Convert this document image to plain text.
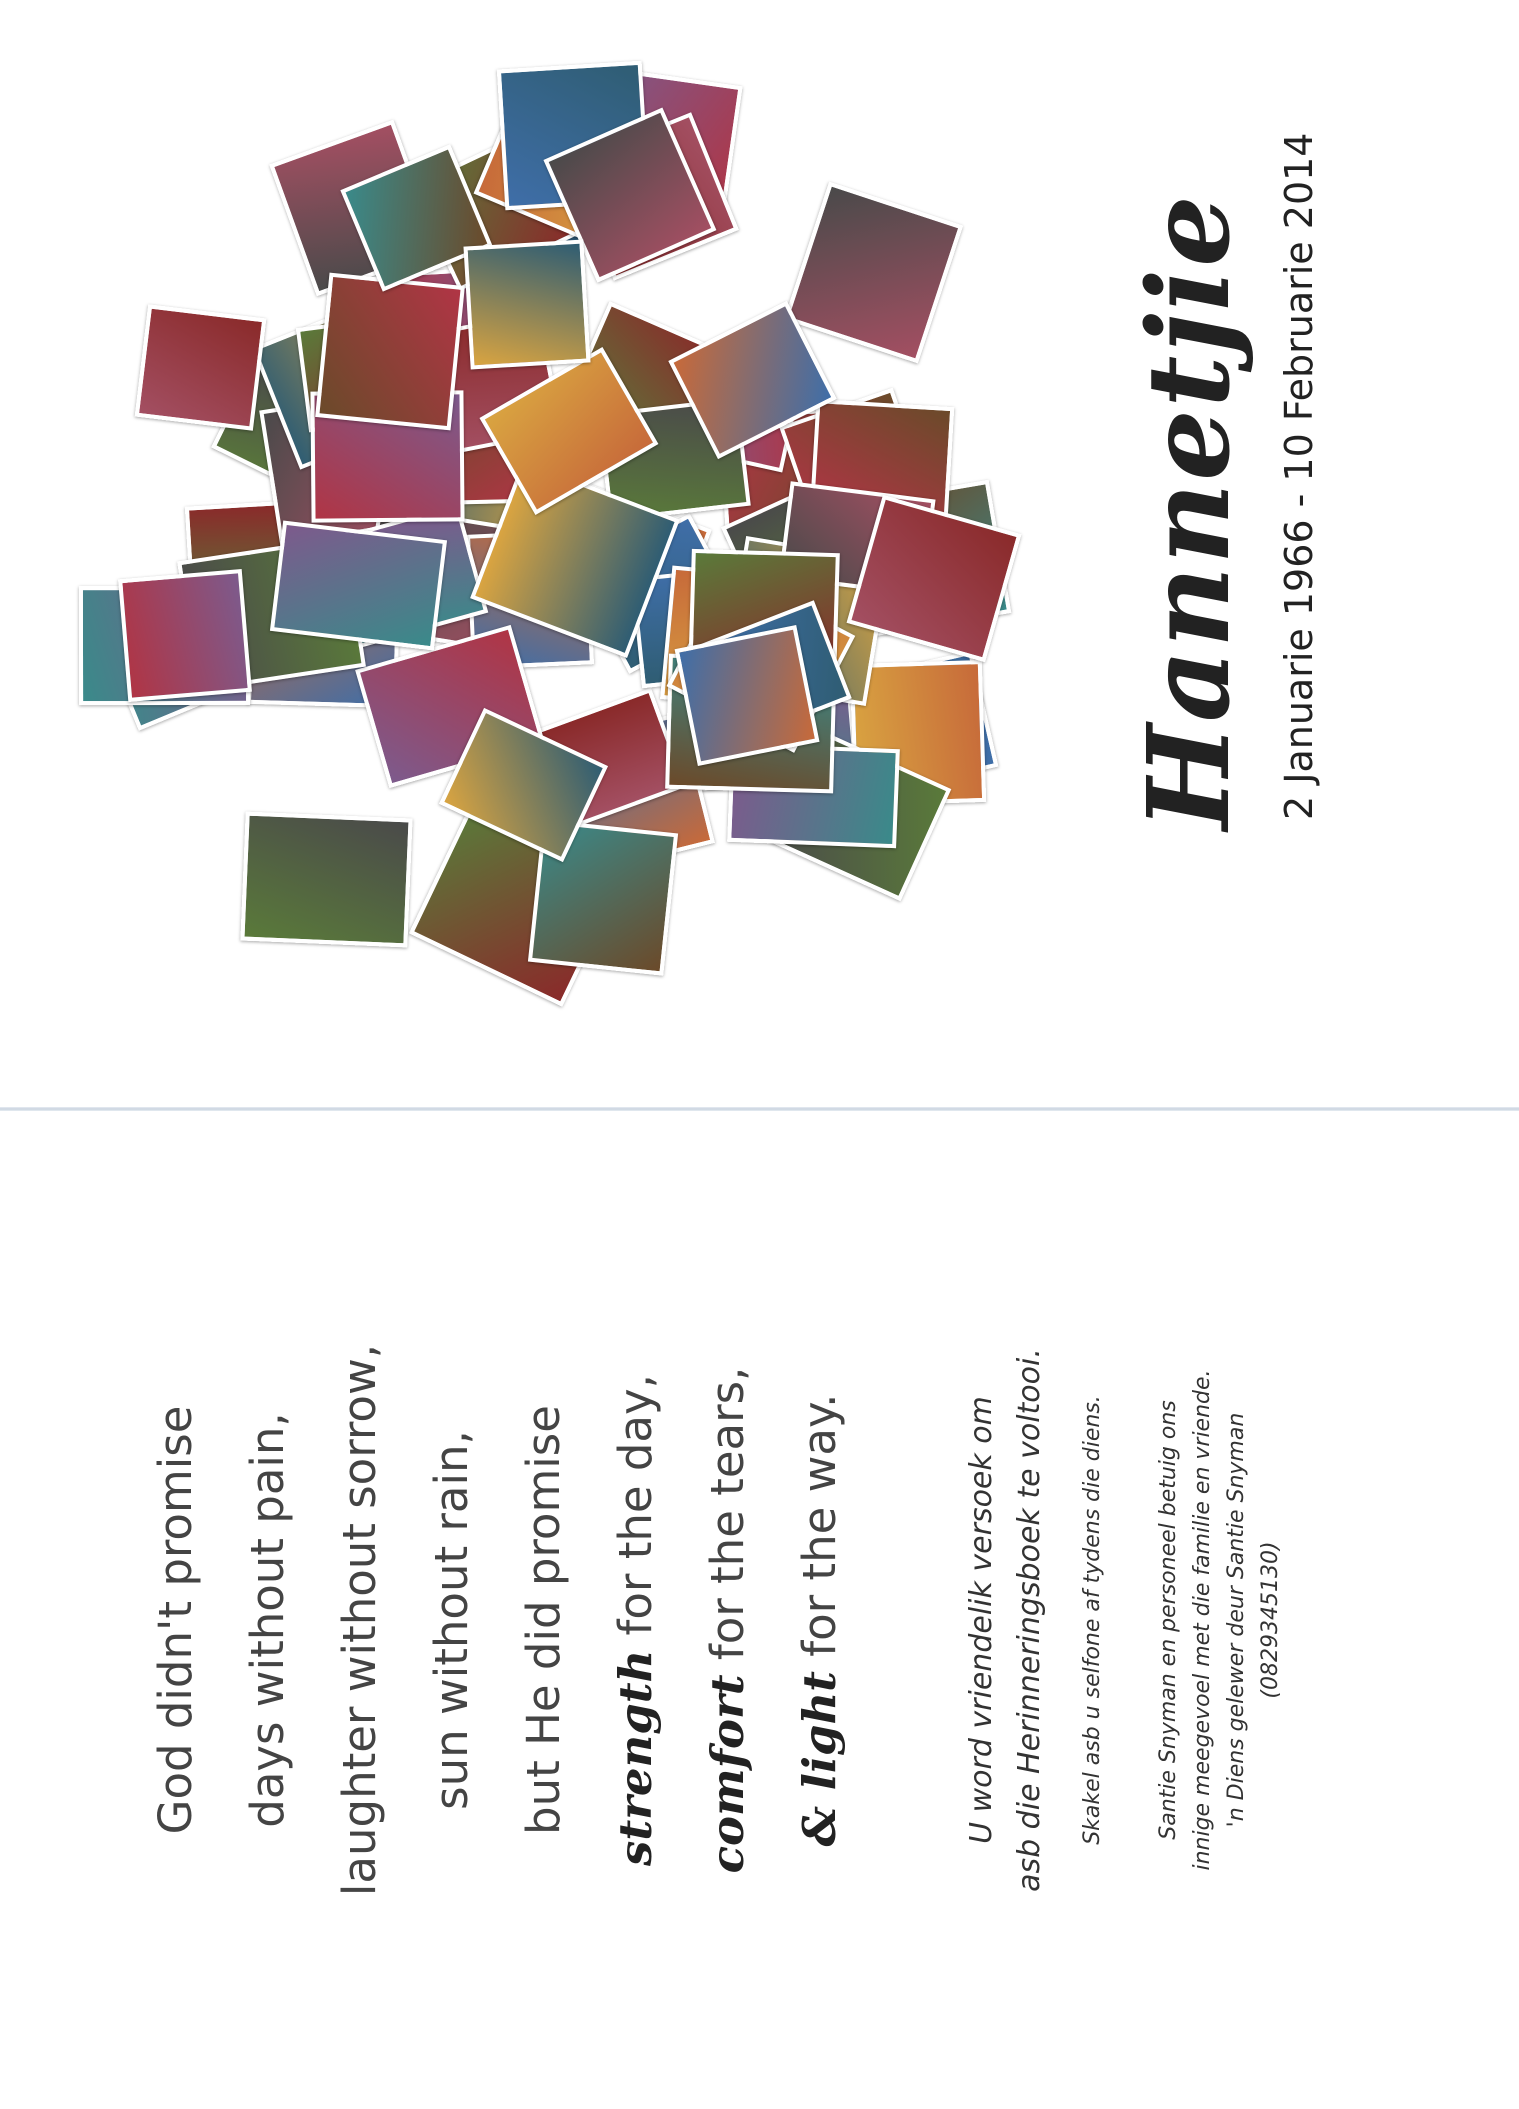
Hannetjie 2 Januarie 1966 - 10 Februarie 2014
God didn't promise days without pain, laughter without sorrow, sun without rain, but He did promise strength for the day,
comfort for the tears,
& light for the way.	U word vriendelik versoek om asb die Herinneringsboek te voltooi.	Skakel asb u selfone af tydens die diens. Santie Snyman en personeel betuig ons innige meegevoel met die familie en vriende. 'n Diens gelewer deur Santie Snyman (0829345130)
